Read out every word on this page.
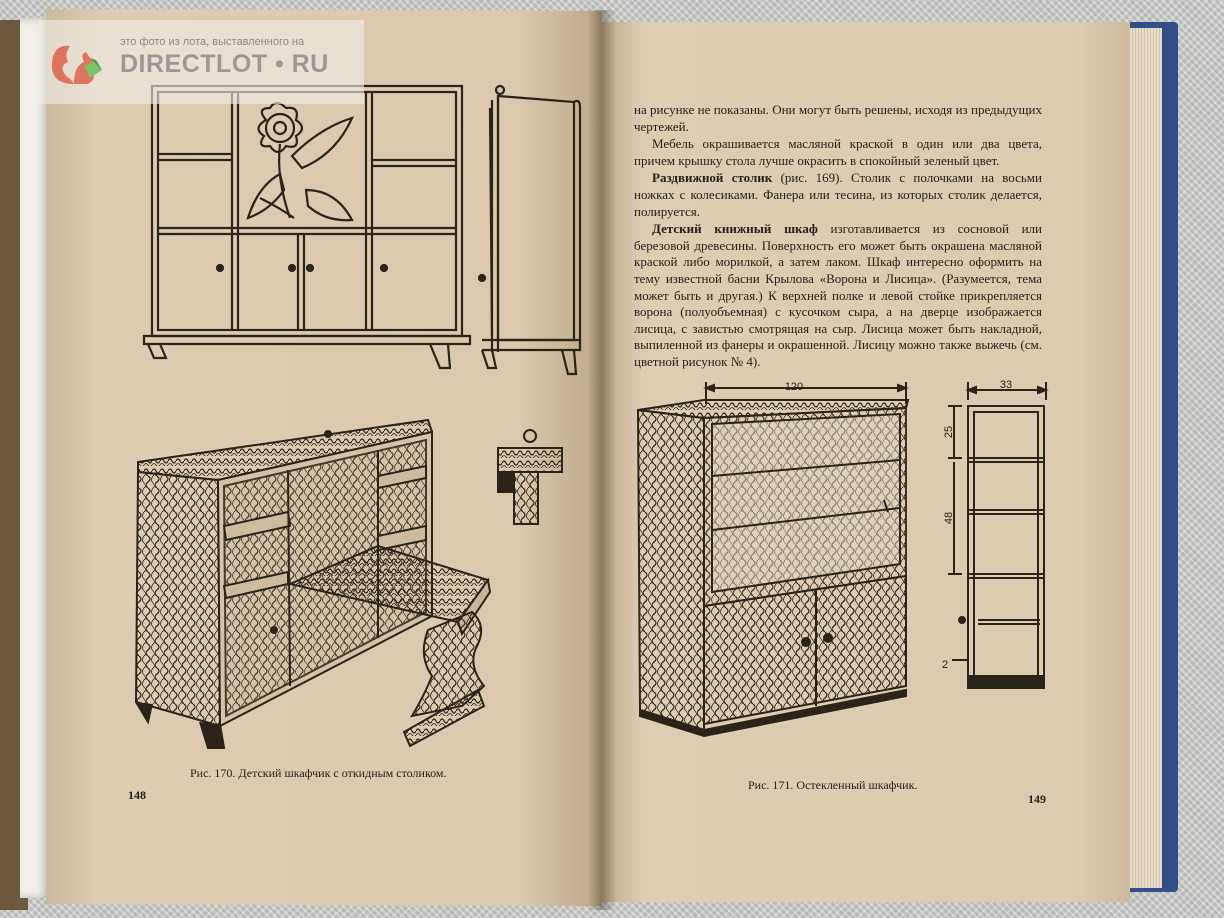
Рис. 170. Детский шкафчик с откидным столиком.
148

на рисунке не показаны. Они могут быть решены, исходя из предыдущих чертежей.

Мебель окрашивается масляной краской в один или два цвета, причем крышку стола лучше окрасить в спокойный зеленый цвет.

Раздвижной столик (рис. 169). Столик с полочками на восьми ножках с колесиками. Фанера или тесина, из которых столик делается, полируется.

Детский книжный шкаф изготавливается из сосновой или березовой древесины. Поверхность его может быть окрашена масляной краской либо морилкой, а затем лаком. Шкаф интересно оформить на тему известной басни Крылова «Ворона и Лисица». (Разумеется, тема может быть и другая.) К верхней полке и левой стойке прикрепляется ворона (полуобъемная) с кусочком сыра, а на дверце изображается лисица, с завистью смотрящая на сыр. Лисица может быть накладной, выпиленной из фанеры и окрашенной. Лисицу можно также выжечь (см. цветной рисунок № 4).

120	33
25
48
2
Рис. 171. Остекленный шкафчик.
149
это фото из лота, выставленного на
DIRECTLOT • RU
